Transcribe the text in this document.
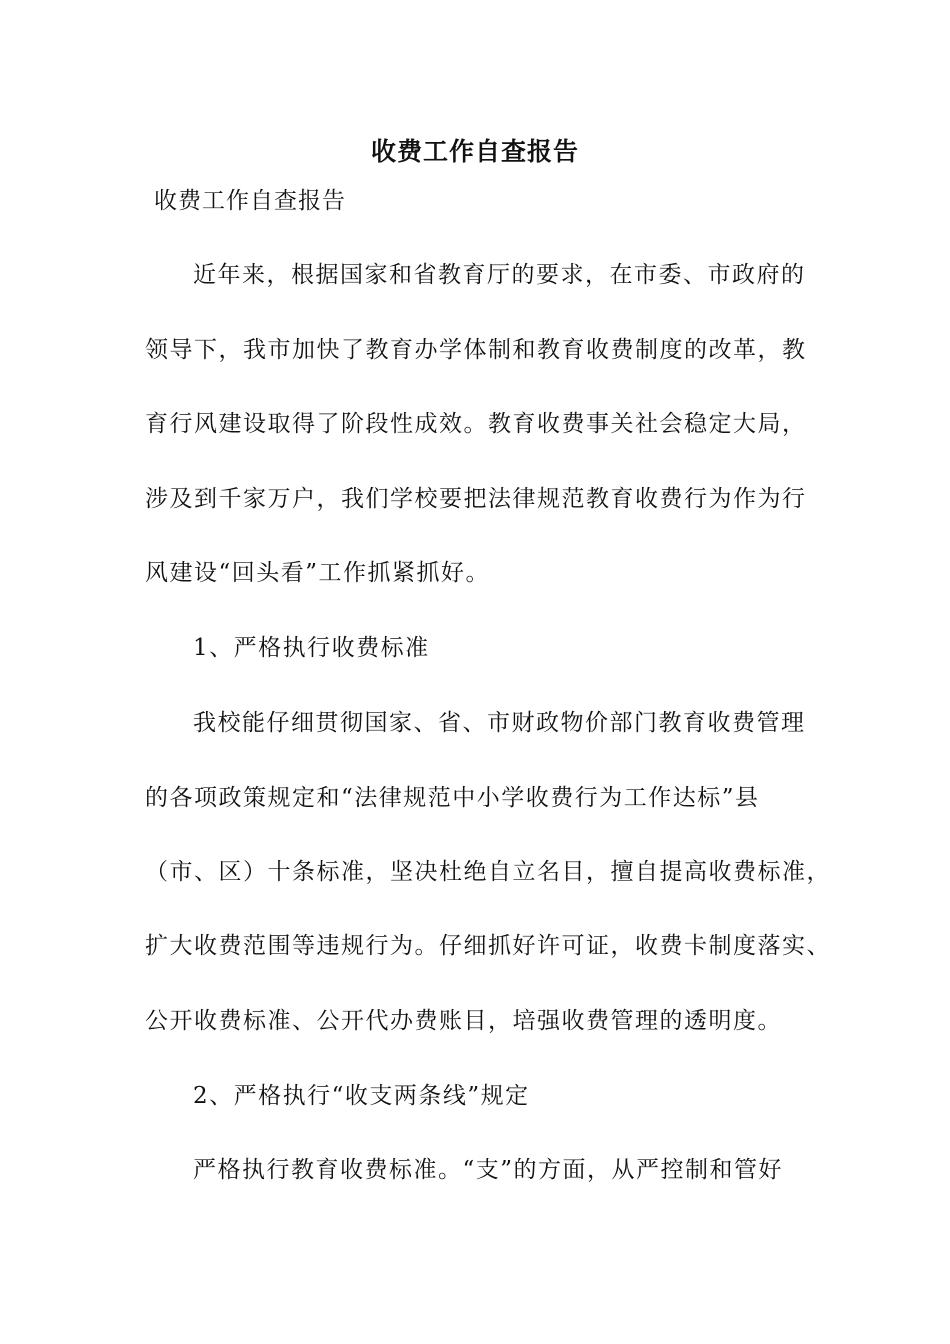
收费工作自查报告
收费工作自查报告
近年来，根据国家和省教育厅的要求，在市委、市政府的
领导下，我市加快了教育办学体制和教育收费制度的改革，教
育行风建设取得了阶段性成效。教育收费事关社会稳定大局，
涉及到千家万户，我们学校要把法律规范教育收费行为作为行
风建设“回头看”工作抓紧抓好。
1、严格执行收费标准
我校能仔细贯彻国家、省、市财政物价部门教育收费管理
的各项政策规定和“法律规范中小学收费行为工作达标”县
（市、区）十条标准，坚决杜绝自立名目，擅自提高收费标准，
扩大收费范围等违规行为。仔细抓好许可证，收费卡制度落实、
公开收费标准、公开代办费账目，培强收费管理的透明度。
2、严格执行“收支两条线”规定
严格执行教育收费标准。“支”的方面，从严控制和管好
